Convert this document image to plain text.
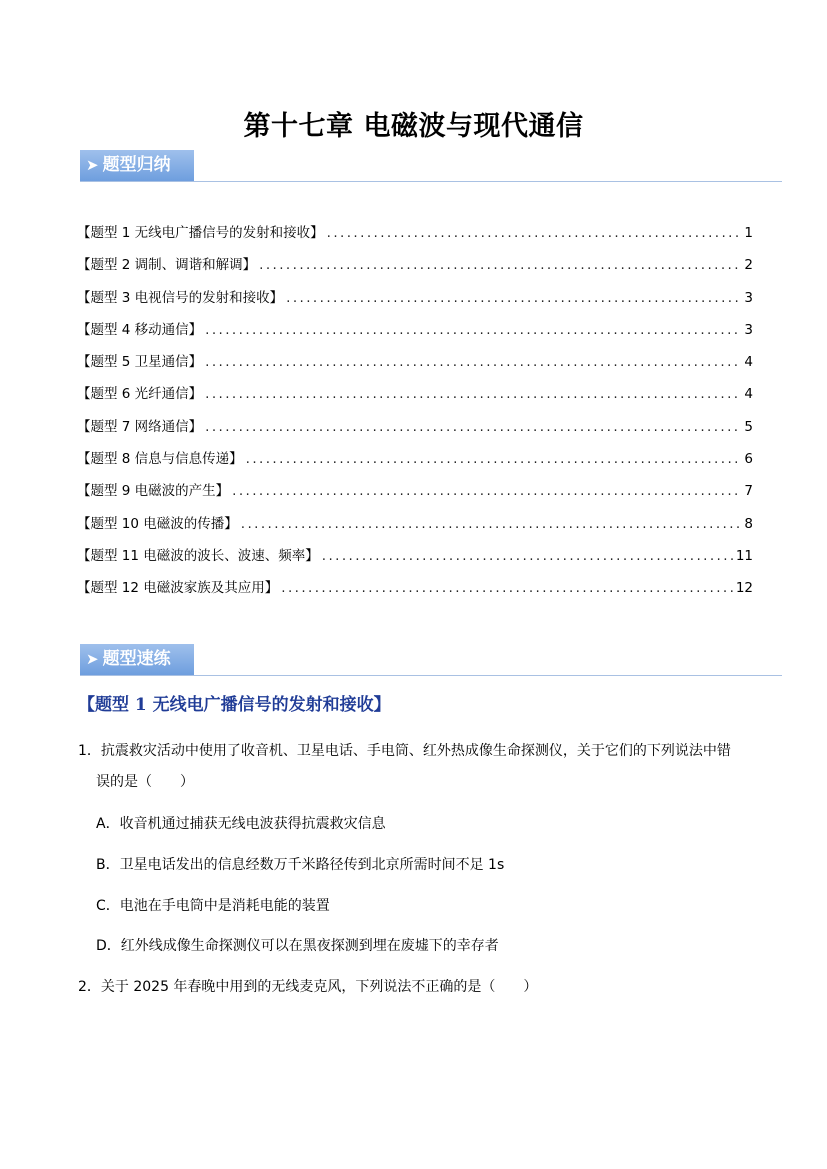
第十七章 电磁波与现代通信
➤ 题型归纳
【题型 1 无线电广播信号的发射和接收】 .....	1
【题型 2 调制、调谐和解调】 .....	2
【题型 3 电视信号的发射和接收】 .....	3
【题型 4 移动通信】 .....	3
【题型 5 卫星通信】 .....	4
【题型 6 光纤通信】 .....	4
【题型 7 网络通信】 .....	5
【题型 8 信息与信息传递】 .....	6
【题型 9 电磁波的产生】 .....	7
【题型 10 电磁波的传播】 .....	8
【题型 11 电磁波的波长、波速、频率】 .....	11
【题型 12 电磁波家族及其应用】 .....	12
➤ 题型速练
【题型 1 无线电广播信号的发射和接收】
1．抗震救灾活动中使用了收音机、卫星电话、手电筒、红外热成像生命探测仪，关于它们的下列说法中错
误的是（　　）
A．收音机通过捕获无线电波获得抗震救灾信息
B．卫星电话发出的信息经数万千米路径传到北京所需时间不足 1s
C．电池在手电筒中是消耗电能的装置
D．红外线成像生命探测仪可以在黑夜探测到埋在废墟下的幸存者
2．关于 2025 年春晚中用到的无线麦克风，下列说法不正确的是（　　）
